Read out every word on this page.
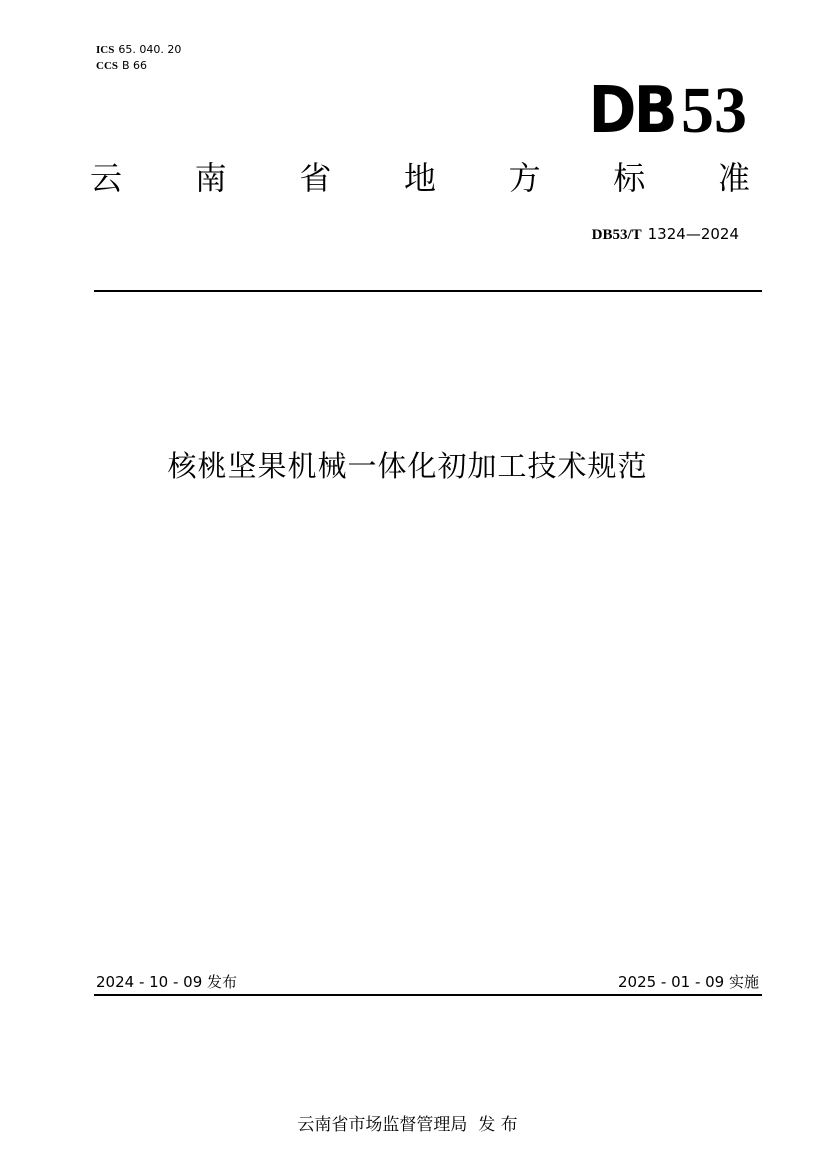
ICS 65. 040. 20
CCS B 66
DB 53
云 南 省 地 方 标 准
DB53/T 1324—2024
核桃坚果机械一体化初加工技术规范
2024 - 10 - 09 发布	2025 - 01 - 09 实施
云南省市场监督管理局  发 布
